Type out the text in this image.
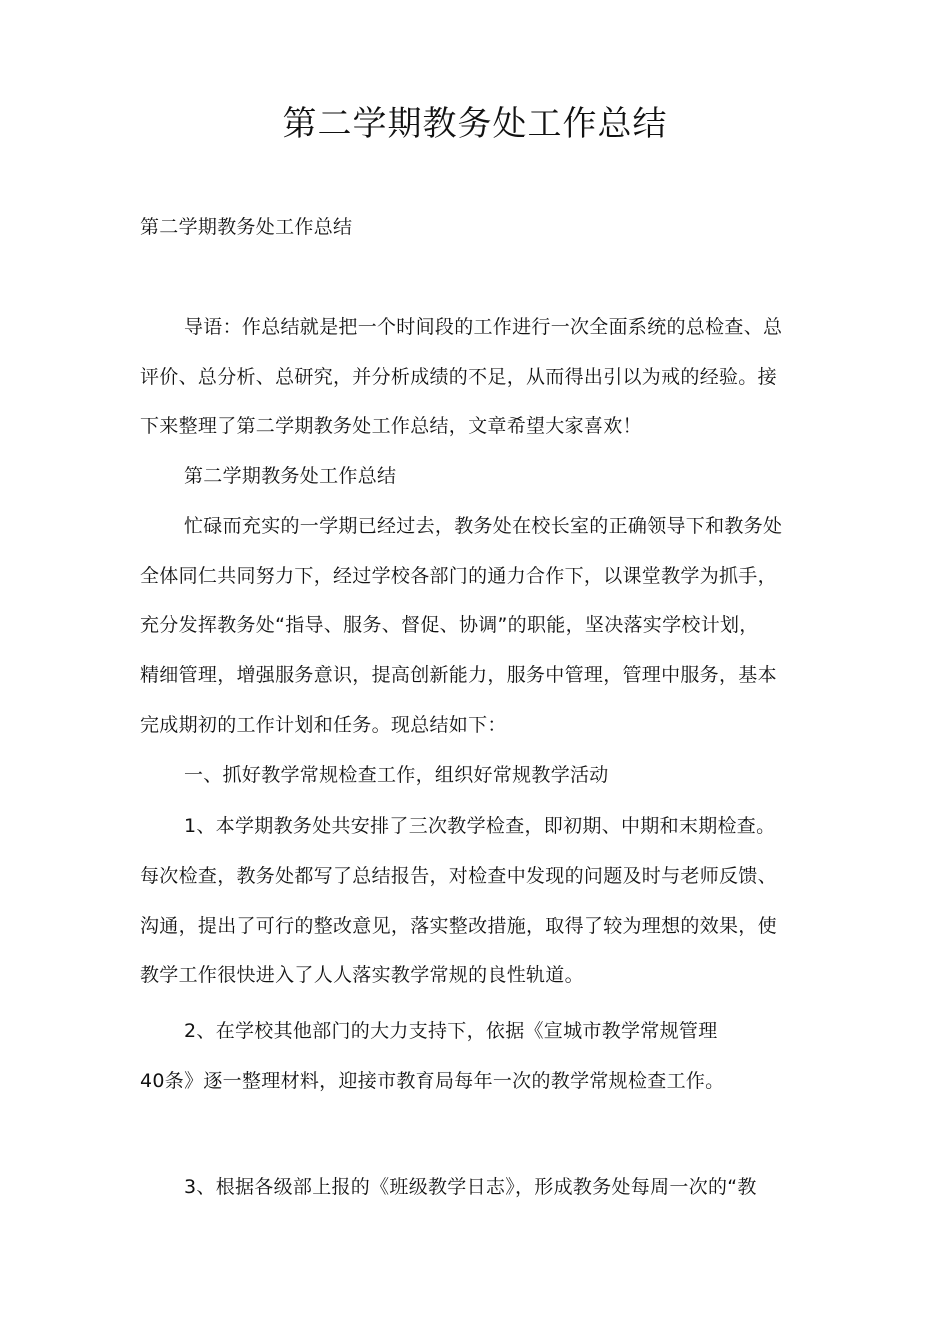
第二学期教务处工作总结
第二学期教务处工作总结
导语：作总结就是把一个时间段的工作进行一次全面系统的总检查、总
评价、总分析、总研究，并分析成绩的不足，从而得出引以为戒的经验。接
下来整理了第二学期教务处工作总结，文章希望大家喜欢！
第二学期教务处工作总结
忙碌而充实的一学期已经过去，教务处在校长室的正确领导下和教务处
全体同仁共同努力下，经过学校各部门的通力合作下，以课堂教学为抓手，
充分发挥教务处“指导、服务、督促、协调”的职能，坚决落实学校计划，
精细管理，增强服务意识，提高创新能力，服务中管理，管理中服务，基本
完成期初的工作计划和任务。现总结如下：
一、抓好教学常规检查工作，组织好常规教学活动
1、本学期教务处共安排了三次教学检查，即初期、中期和末期检查。
每次检查，教务处都写了总结报告，对检查中发现的问题及时与老师反馈、
沟通，提出了可行的整改意见，落实整改措施，取得了较为理想的效果，使
教学工作很快进入了人人落实教学常规的良性轨道。
2、在学校其他部门的大力支持下，依据《宣城市教学常规管理
40条》逐一整理材料，迎接市教育局每年一次的教学常规检查工作。
3、根据各级部上报的《班级教学日志》，形成教务处每周一次的“教
